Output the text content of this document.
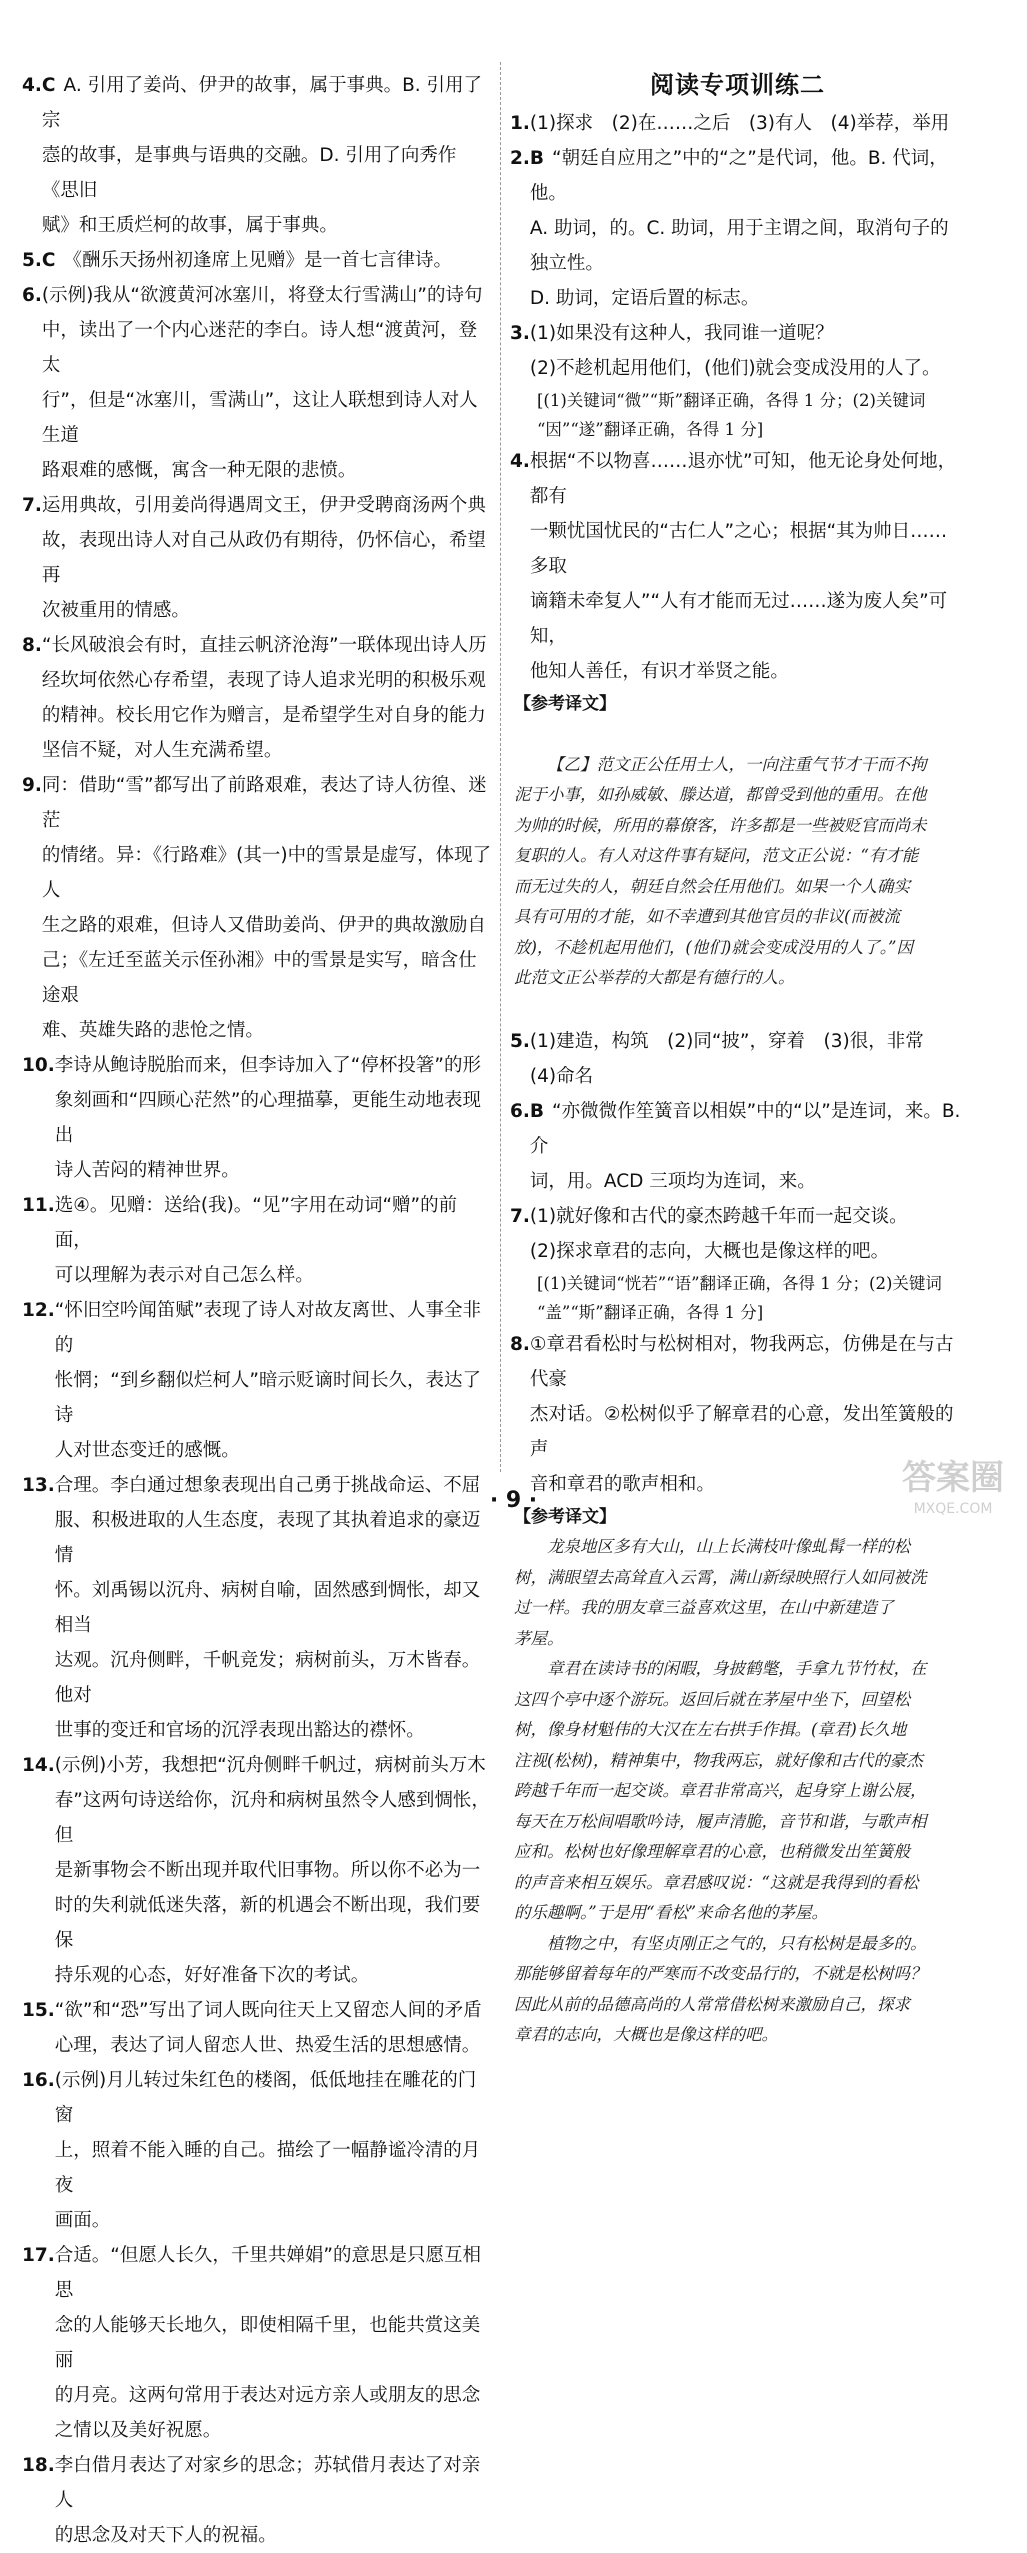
4. C A. 引用了姜尚、伊尹的故事，属于事典。B. 引用了宗
悫的故事，是事典与语典的交融。D. 引用了向秀作《思旧
赋》和王质烂柯的故事，属于事典。
5. C 《酬乐天扬州初逢席上见赠》是一首七言律诗。
6. (示例)我从“欲渡黄河冰塞川，将登太行雪满山”的诗句
中，读出了一个内心迷茫的李白。诗人想“渡黄河，登太
行”，但是“冰塞川，雪满山”，这让人联想到诗人对人生道
路艰难的感慨，寓含一种无限的悲愤。
7. 运用典故，引用姜尚得遇周文王，伊尹受聘商汤两个典
故，表现出诗人对自己从政仍有期待，仍怀信心，希望再
次被重用的情感。
8. “长风破浪会有时，直挂云帆济沧海”一联体现出诗人历
经坎坷依然心存希望，表现了诗人追求光明的积极乐观
的精神。校长用它作为赠言，是希望学生对自身的能力
坚信不疑，对人生充满希望。
9. 同：借助“雪”都写出了前路艰难，表达了诗人彷徨、迷茫
的情绪。异：《行路难》(其一)中的雪景是虚写，体现了人
生之路的艰难，但诗人又借助姜尚、伊尹的典故激励自
己；《左迁至蓝关示侄孙湘》中的雪景是实写，暗含仕途艰
难、英雄失路的悲怆之情。
10. 李诗从鲍诗脱胎而来，但李诗加入了“停杯投箸”的形
象刻画和“四顾心茫然”的心理描摹，更能生动地表现出
诗人苦闷的精神世界。
11. 选④。见赠：送给(我)。“见”字用在动词“赠”的前面，
可以理解为表示对自己怎么样。
12. “怀旧空吟闻笛赋”表现了诗人对故友离世、人事全非的
怅惘；“到乡翻似烂柯人”暗示贬谪时间长久，表达了诗
人对世态变迁的感慨。
13. 合理。李白通过想象表现出自己勇于挑战命运、不屈
服、积极进取的人生态度，表现了其执着追求的豪迈情
怀。刘禹锡以沉舟、病树自喻，固然感到惆怅，却又相当
达观。沉舟侧畔，千帆竞发；病树前头，万木皆春。他对
世事的变迁和官场的沉浮表现出豁达的襟怀。
14. (示例)小芳，我想把“沉舟侧畔千帆过，病树前头万木
春”这两句诗送给你，沉舟和病树虽然令人感到惆怅，但
是新事物会不断出现并取代旧事物。所以你不必为一
时的失利就低迷失落，新的机遇会不断出现，我们要保
持乐观的心态，好好准备下次的考试。
15. “欲”和“恐”写出了词人既向往天上又留恋人间的矛盾
心理，表达了词人留恋人世、热爱生活的思想感情。
16. (示例)月儿转过朱红色的楼阁，低低地挂在雕花的门窗
上，照着不能入睡的自己。描绘了一幅静谧冷清的月夜
画面。
17. 合适。“但愿人长久，千里共婵娟”的意思是只愿互相思
念的人能够天长地久，即使相隔千里，也能共赏这美丽
的月亮。这两句常用于表达对远方亲人或朋友的思念
之情以及美好祝愿。
18. 李白借月表达了对家乡的思念；苏轼借月表达了对亲人
的思念及对天下人的祝福。
阅读专项训练二
1. (1)探求　(2)在……之后　(3)有人　(4)举荐，举用
2. B “朝廷自应用之”中的“之”是代词，他。B. 代词，他。
A. 助词，的。C. 助词，用于主谓之间，取消句子的独立性。
D. 助词，定语后置的标志。
3. (1)如果没有这种人，我同谁一道呢？
(2)不趁机起用他们，(他们)就会变成没用的人了。
[(1)关键词“微”“斯”翻译正确，各得 1 分；(2)关键词
“因”“遂”翻译正确，各得 1 分]
4. 根据“不以物喜……退亦忧”可知，他无论身处何地，都有
一颗忧国忧民的“古仁人”之心；根据“其为帅日……多取
谪籍未牵复人”“人有才能而无过……遂为废人矣”可知，
他知人善任，有识才举贤之能。
【参考译文】

【乙】范文正公任用士人，一向注重气节才干而不拘
泥于小事，如孙威敏、滕达道，都曾受到他的重用。在他
为帅的时候，所用的幕僚客，许多都是一些被贬官而尚未
复职的人。有人对这件事有疑问，范文正公说：“有才能
而无过失的人，朝廷自然会任用他们。如果一个人确实
具有可用的才能，如不幸遭到其他官员的非议(而被流
放)，不趁机起用他们，(他们)就会变成没用的人了。”因
此范文正公举荐的大都是有德行的人。

5. (1)建造，构筑　(2)同“披”，穿着　(3)很，非常　(4)命名
6. B “亦微微作笙簧音以相娱”中的“以”是连词，来。B. 介
词，用。ACD 三项均为连词，来。
7. (1)就好像和古代的豪杰跨越千年而一起交谈。
(2)探求章君的志向，大概也是像这样的吧。
[(1)关键词“恍若”“语”翻译正确，各得 1 分；(2)关键词
“盖”“斯”翻译正确，各得 1 分]
8. ①章君看松时与松树相对，物我两忘，仿佛是在与古代豪
杰对话。②松树似乎了解章君的心意，发出笙簧般的声
音和章君的歌声相和。
【参考译文】

龙泉地区多有大山，山上长满枝叶像虬髯一样的松
树，满眼望去高耸直入云霄，满山新绿映照行人如同被洗
过一样。我的朋友章三益喜欢这里，在山中新建造了
茅屋。

章君在读诗书的闲暇，身披鹤氅，手拿九节竹杖，在
这四个亭中逐个游玩。返回后就在茅屋中坐下，回望松
树，像身材魁伟的大汉在左右拱手作揖。(章君)长久地
注视(松树)，精神集中，物我两忘，就好像和古代的豪杰
跨越千年而一起交谈。章君非常高兴，起身穿上谢公屐，
每天在万松间唱歌吟诗，履声清脆，音节和谐，与歌声相
应和。松树也好像理解章君的心意，也稍微发出笙簧般
的声音来相互娱乐。章君感叹说：“这就是我得到的看松
的乐趣啊。”于是用“看松”来命名他的茅屋。

植物之中，有坚贞刚正之气的，只有松树是最多的。
那能够留着每年的严寒而不改变品行的，不就是松树吗？
因此从前的品德高尚的人常常借松树来激励自己，探求
章君的志向，大概也是像这样的吧。

· 9 ·
答案圈
MXQE.COM
